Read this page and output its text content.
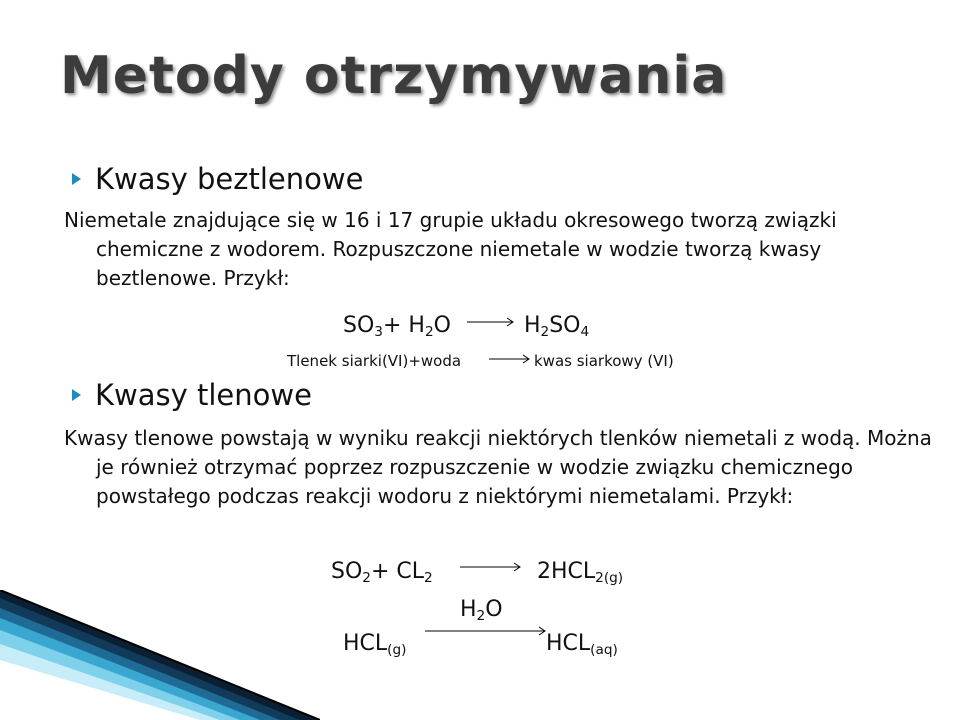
Metody otrzymywania
Kwasy beztlenowe

Niemetale znajdujące się w 16 i 17 grupie układu okresowego tworzą związki chemiczne z wodorem. Rozpuszczone niemetale w wodzie tworzą kwasy beztlenowe. Przykł:

$SO_3+ H_2O \to H_2SO_4$
Tlenek siarki(VI)+woda	kwas siarkowy (VI)
Kwasy tlenowe

Kwasy tlenowe powstają w wyniku reakcji niektórych tlenków niemetali z wodą. Można je również otrzymać poprzez rozpuszczenie w wodzie związku chemicznego powstałego podczas reakcji wodoru z niektórymi niemetalami. Przykł:

$SO_2+ CL_2 \to 2HCL_{2(g)}$
$H_2O$
$HCL_{(g)}$	$HCL_{(aq)}$
